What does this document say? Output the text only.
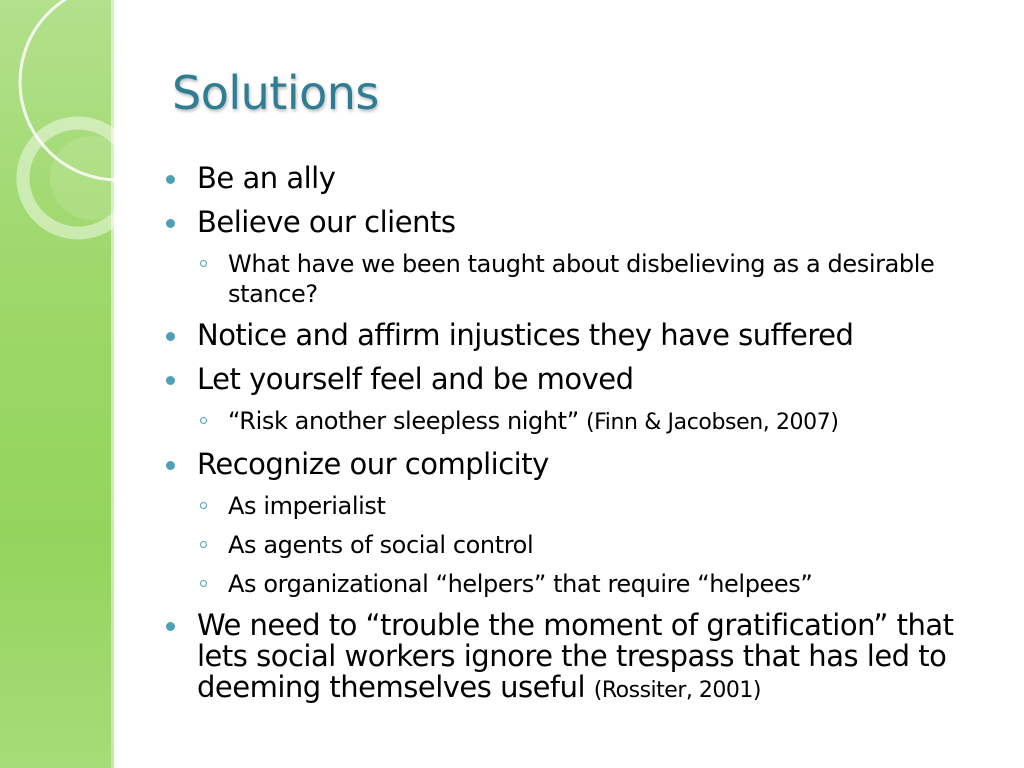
Solutions
Be an ally
Believe our clients
What have we been taught about disbelieving as a desirable stance?
Notice and affirm injustices they have suffered
Let yourself feel and be moved
“Risk another sleepless night” (Finn & Jacobsen, 2007)
Recognize our complicity
As imperialist
As agents of social control
As organizational “helpers” that require “helpees”
We need to “trouble the moment of gratification” that lets social workers ignore the trespass that has led to deeming themselves useful (Rossiter, 2001)
